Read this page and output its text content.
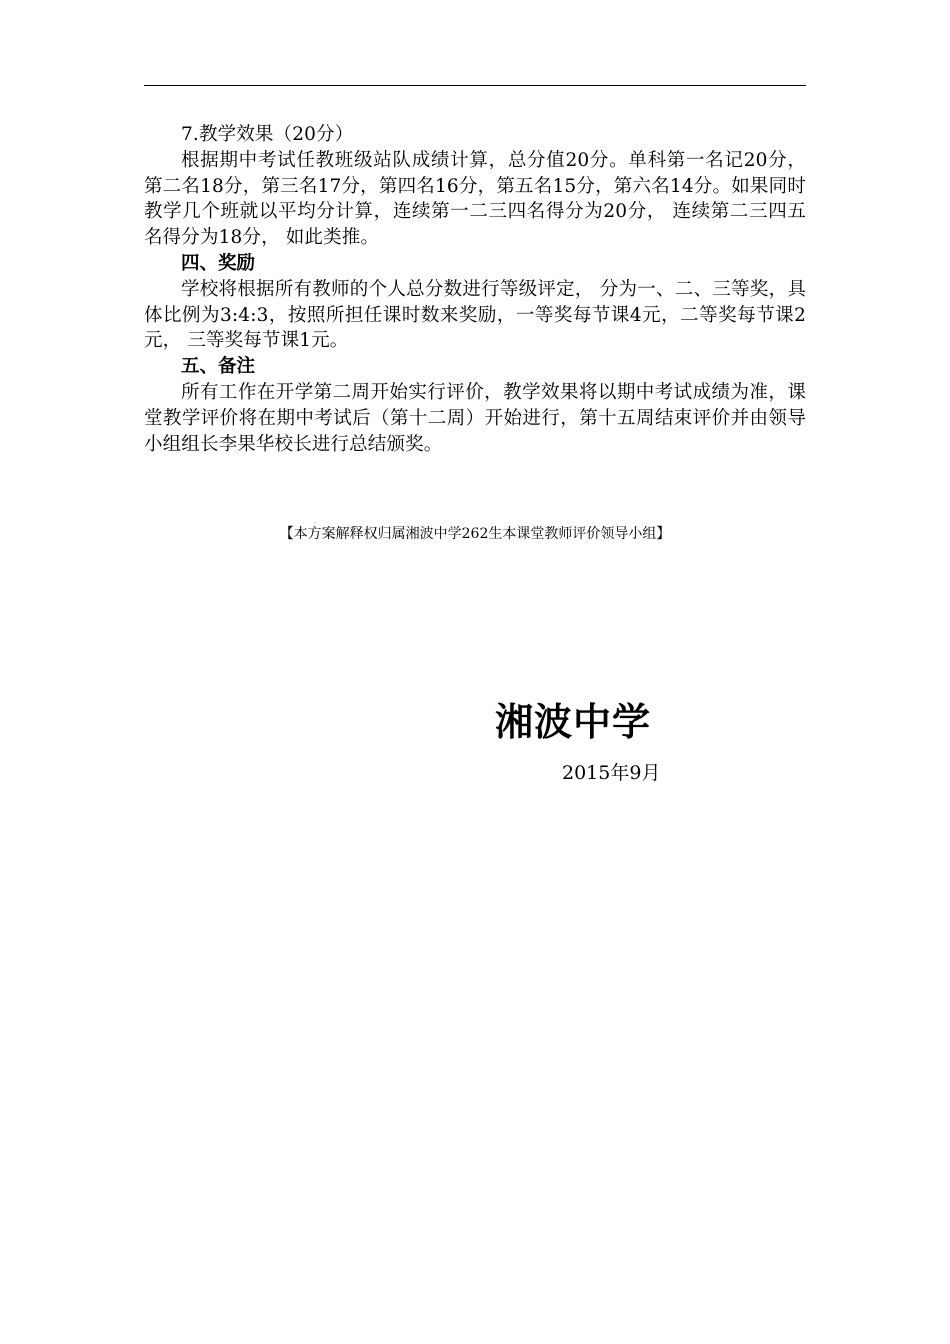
7.教学效果（20分）

根据期中考试任教班级站队成绩计算，总分值20分。单科第一名记20分，第二名18分，第三名17分，第四名16分，第五名15分，第六名14分。如果同时教学几个班就以平均分计算，连续第一二三四名得分为20分， 连续第二三四五名得分为18分， 如此类推。

四、奖励

学校将根据所有教师的个人总分数进行等级评定， 分为一、二、三等奖，具体比例为3:4:3，按照所担任课时数来奖励，一等奖每节课4元，二等奖每节课2元， 三等奖每节课1元。

五、备注

所有工作在开学第二周开始实行评价，教学效果将以期中考试成绩为准，课堂教学评价将在期中考试后（第十二周）开始进行，第十五周结束评价并由领导小组组长李果华校长进行总结颁奖。

【本方案解释权归属湘波中学262生本课堂教师评价领导小组】
湘波中学
2015年9月
